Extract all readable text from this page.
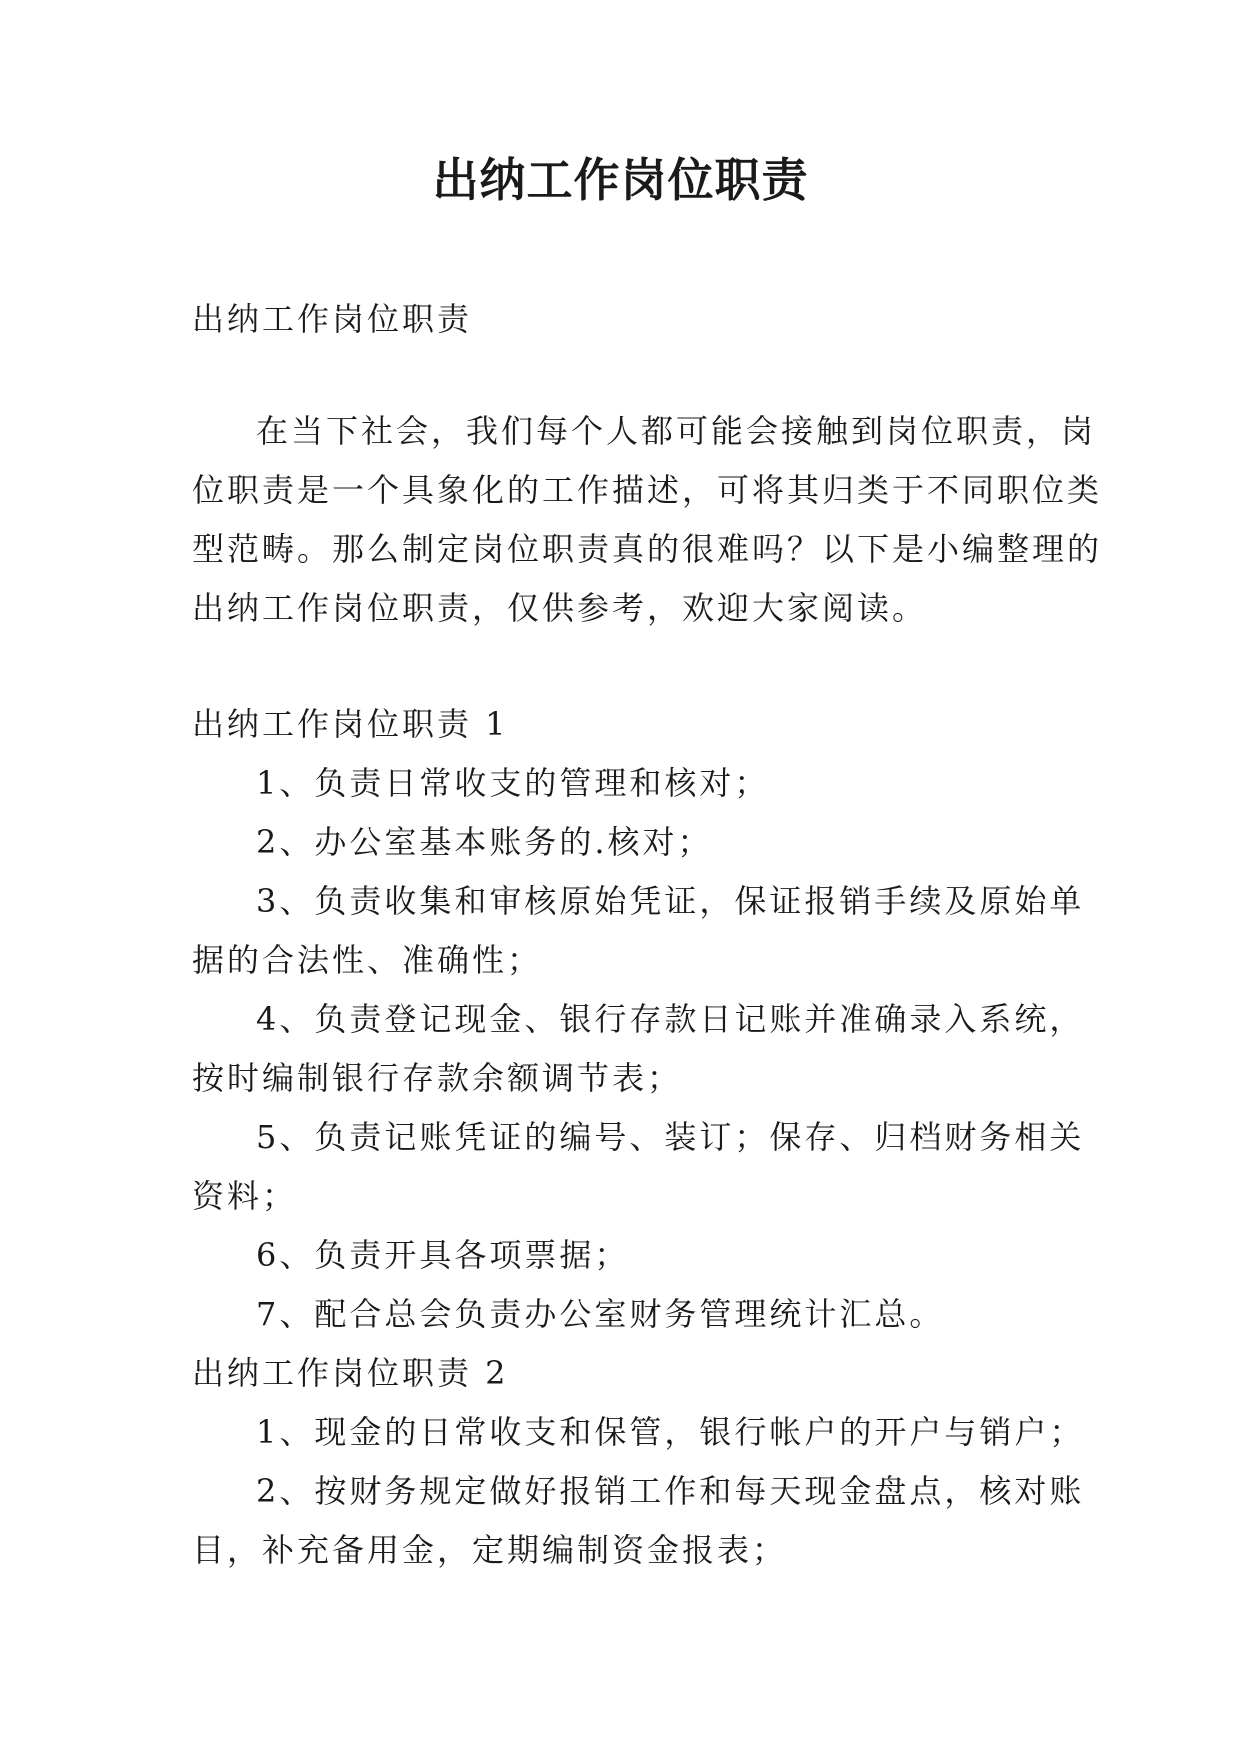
出纳工作岗位职责
出纳工作岗位职责
在当下社会，我们每个人都可能会接触到岗位职责，岗
位职责是一个具象化的工作描述，可将其归类于不同职位类
型范畴。那么制定岗位职责真的很难吗？以下是小编整理的
出纳工作岗位职责，仅供参考，欢迎大家阅读。
出纳工作岗位职责 1
1、负责日常收支的管理和核对；
2、办公室基本账务的.核对；
3、负责收集和审核原始凭证，保证报销手续及原始单
据的合法性、准确性；
4、负责登记现金、银行存款日记账并准确录入系统，
按时编制银行存款余额调节表；
5、负责记账凭证的编号、装订；保存、归档财务相关
资料；
6、负责开具各项票据；
7、配合总会负责办公室财务管理统计汇总。
出纳工作岗位职责 2
1、现金的日常收支和保管，银行帐户的开户与销户；
2、按财务规定做好报销工作和每天现金盘点，核对账
目，补充备用金，定期编制资金报表；
